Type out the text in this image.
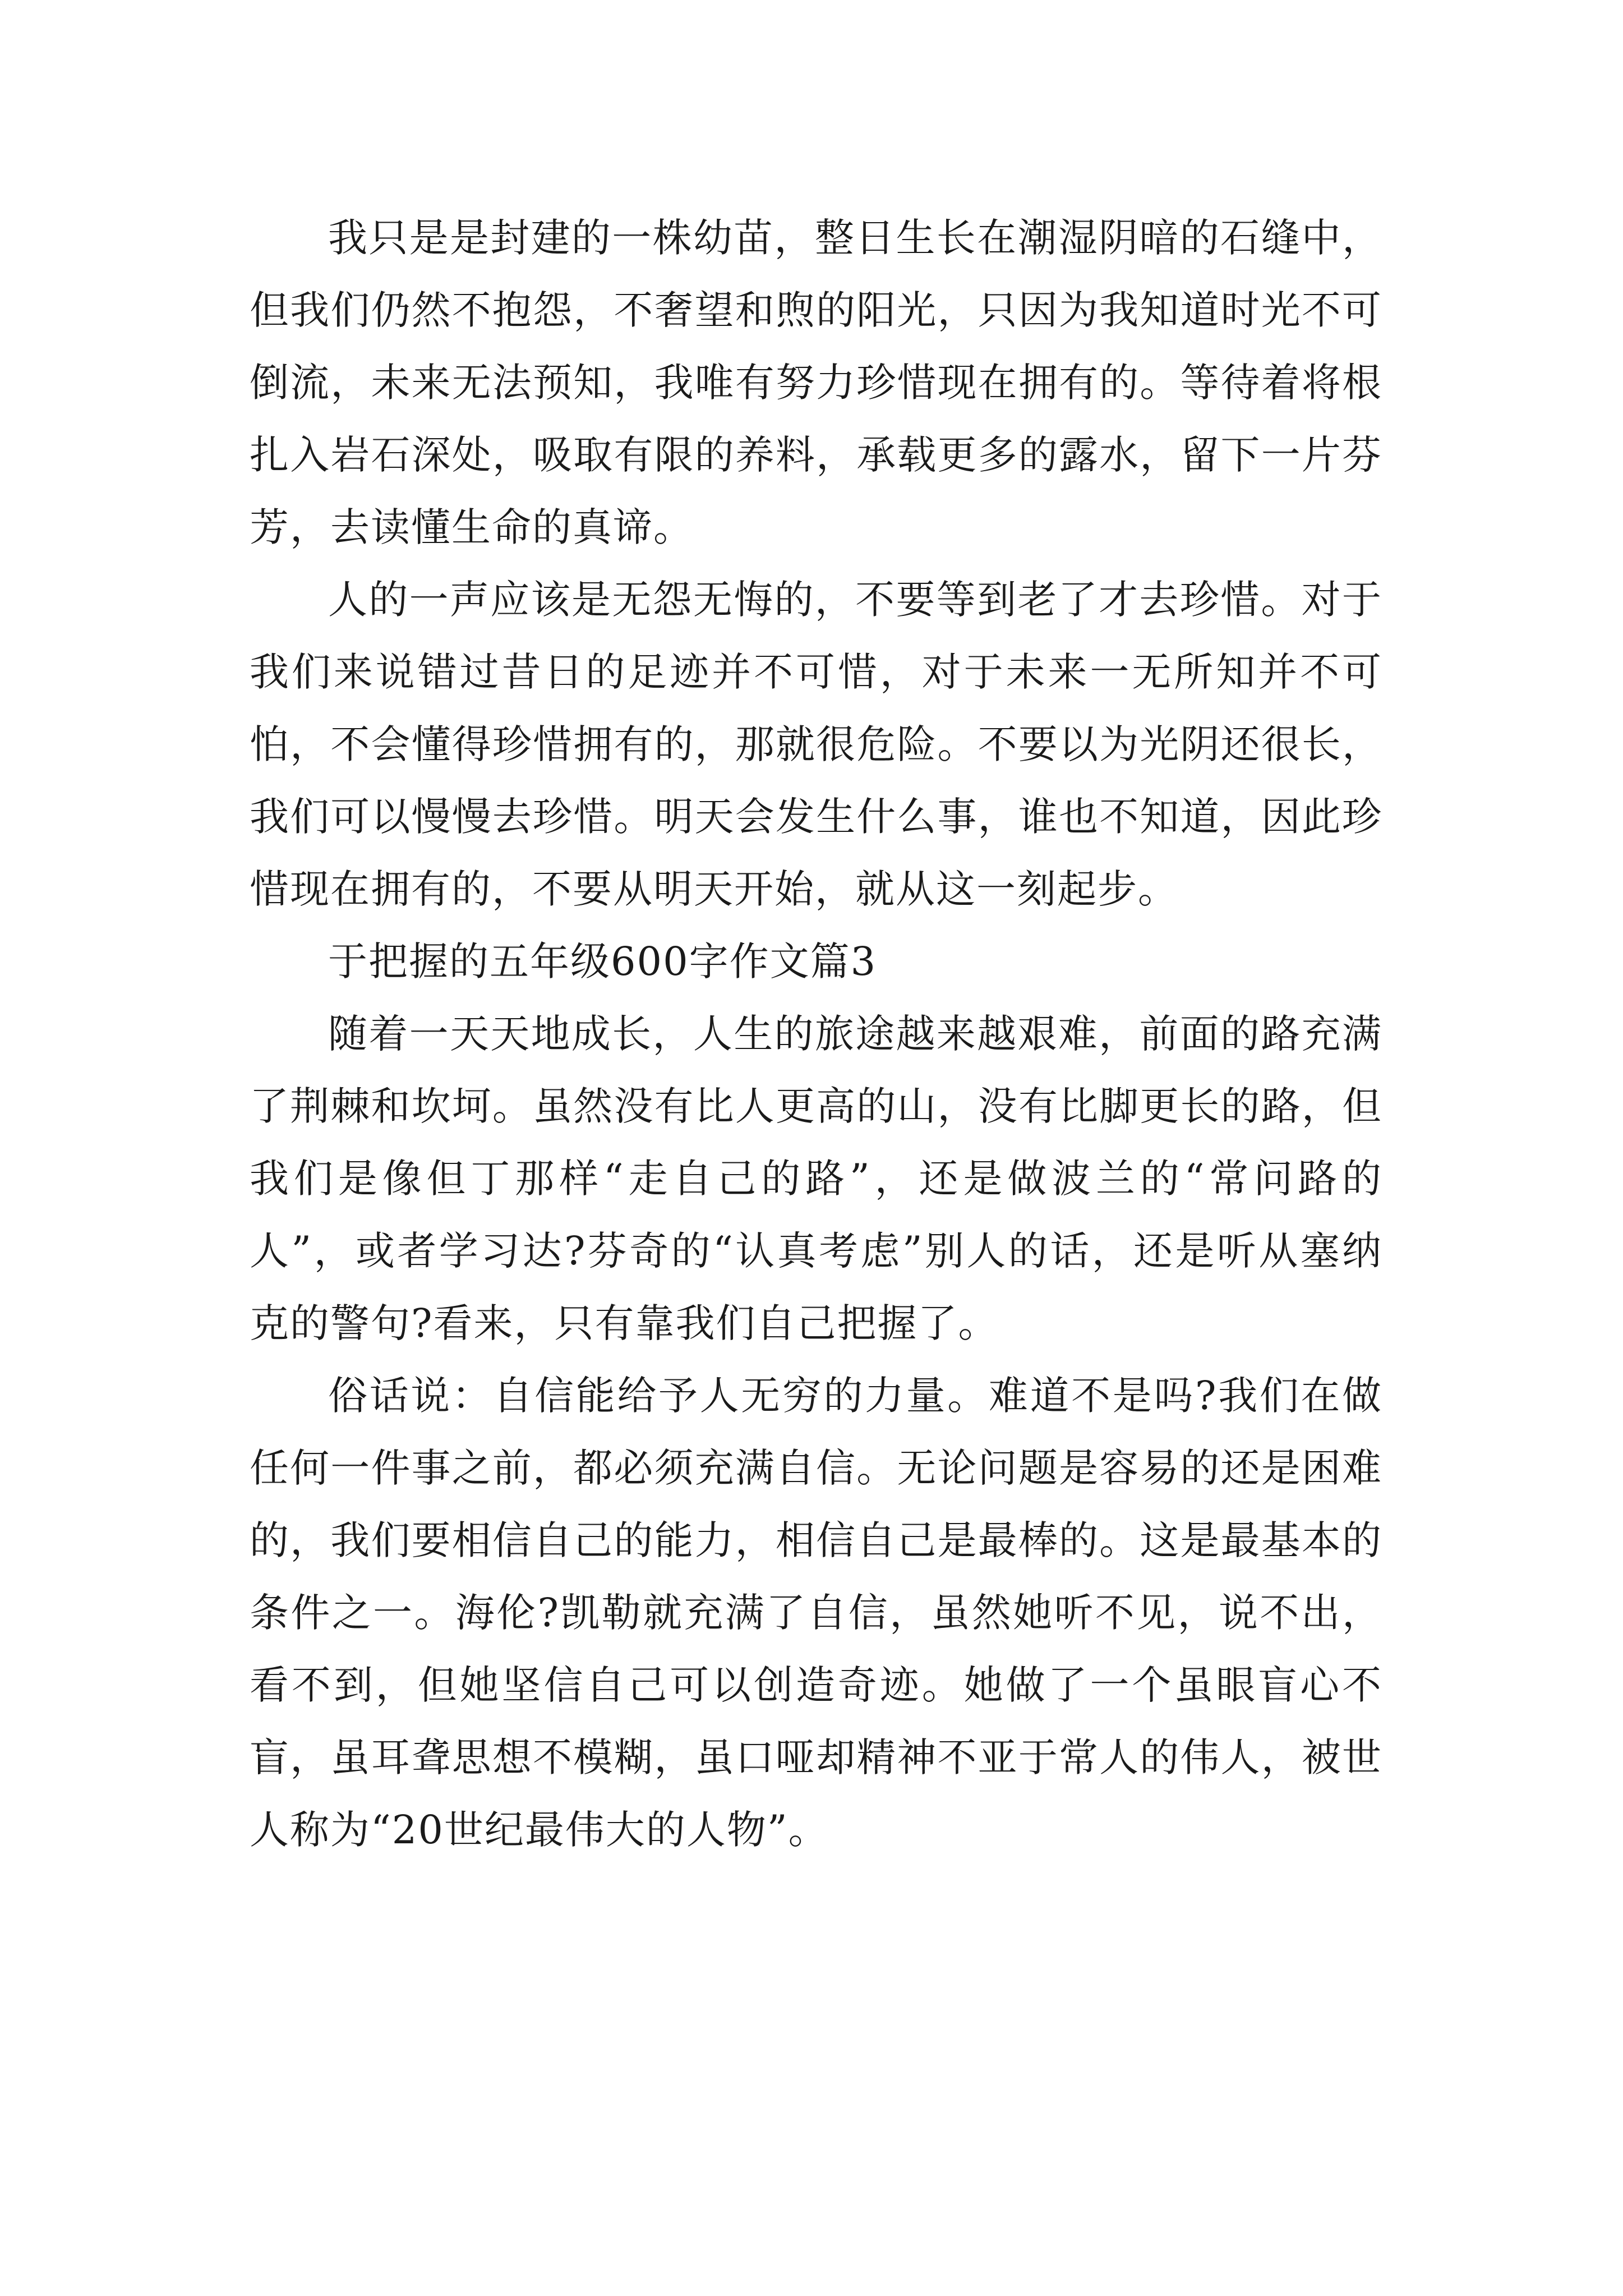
我只是是封建的一株幼苗，整日生长在潮湿阴暗的石缝中，但我们仍然不抱怨，不奢望和煦的阳光，只因为我知道时光不可倒流，未来无法预知，我唯有努力珍惜现在拥有的。等待着将根扎入岩石深处，吸取有限的养料，承载更多的露水，留下一片芬芳，去读懂生命的真谛。

人的一声应该是无怨无悔的，不要等到老了才去珍惜。对于我们来说错过昔日的足迹并不可惜，对于未来一无所知并不可怕，不会懂得珍惜拥有的，那就很危险。不要以为光阴还很长，我们可以慢慢去珍惜。明天会发生什么事，谁也不知道，因此珍惜现在拥有的，不要从明天开始，就从这一刻起步。

于把握的五年级600字作文篇3

随着一天天地成长，人生的旅途越来越艰难，前面的路充满了荆棘和坎坷。虽然没有比人更高的山，没有比脚更长的路，但我们是像但丁那样“走自己的路”，还是做波兰的“常问路的人”，或者学习达?芬奇的“认真考虑”别人的话，还是听从塞纳克的警句?看来，只有靠我们自己把握了。

俗话说：自信能给予人无穷的力量。难道不是吗?我们在做任何一件事之前，都必须充满自信。无论问题是容易的还是困难的，我们要相信自己的能力，相信自己是最棒的。这是最基本的条件之一。海伦?凯勒就充满了自信，虽然她听不见，说不出，看不到，但她坚信自己可以创造奇迹。她做了一个虽眼盲心不盲，虽耳聋思想不模糊，虽口哑却精神不亚于常人的伟人，被世人称为“20世纪最伟大的人物”。
